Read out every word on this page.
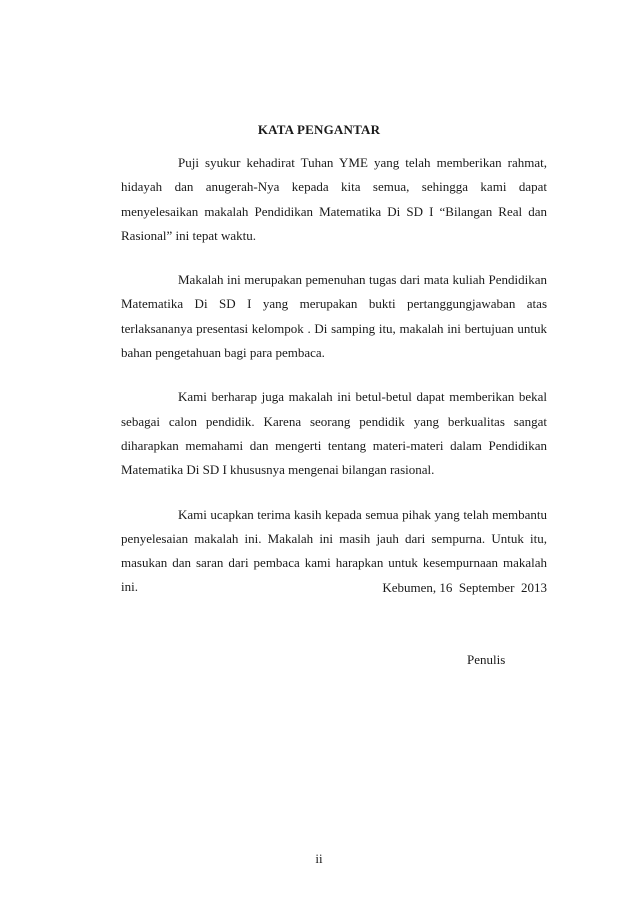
KATA PENGANTAR

Puji syukur kehadirat Tuhan YME yang telah memberikan rahmat, hidayah dan anugerah-Nya kepada kita semua, sehingga kami dapat menyelesaikan makalah Pendidikan Matematika Di SD I “Bilangan Real dan Rasional” ini tepat waktu.

Makalah ini merupakan pemenuhan tugas dari mata kuliah Pendidikan Matematika Di SD I yang merupakan bukti pertanggungjawaban atas terlaksananya presentasi kelompok . Di samping itu, makalah ini bertujuan untuk bahan pengetahuan bagi para pembaca.

Kami berharap juga makalah ini betul-betul dapat memberikan bekal sebagai calon pendidik. Karena seorang pendidik yang berkualitas sangat diharapkan memahami dan mengerti tentang materi-materi dalam Pendidikan Matematika Di SD I khususnya mengenai bilangan rasional.

Kami ucapkan terima kasih kepada semua pihak yang telah membantu penyelesaian makalah ini. Makalah ini masih jauh dari sempurna. Untuk itu, masukan dan saran dari pembaca kami harapkan untuk kesempurnaan makalah ini.	Kebumen, 16  September  2013
Penulis
ii
